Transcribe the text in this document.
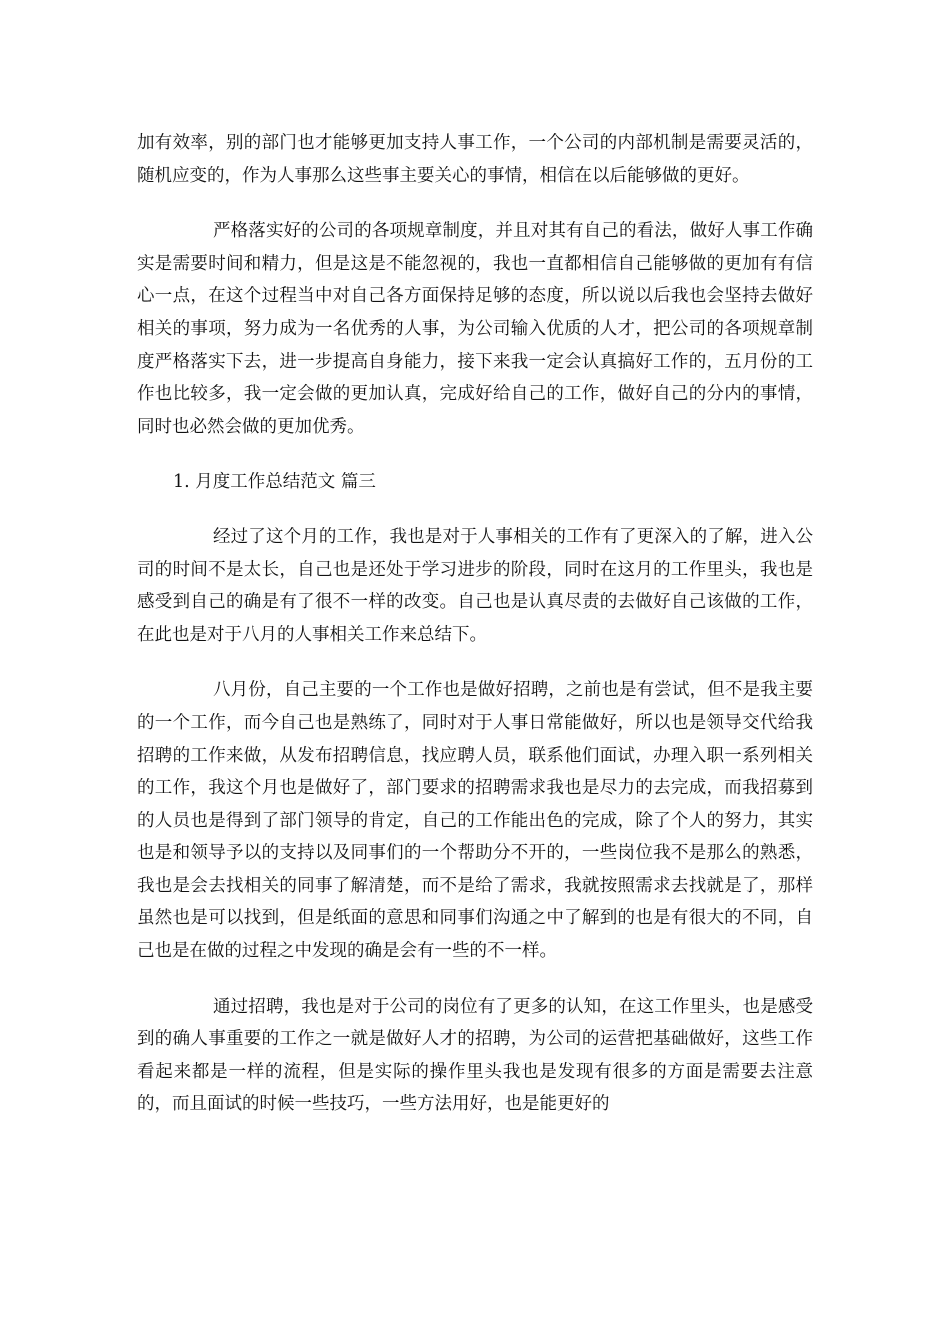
加有效率，别的部门也才能够更加支持人事工作，一个公司的内部机制是需要灵活的，随机应变的，作为人事那么这些事主要关心的事情，相信在以后能够做的更好。

严格落实好的公司的各项规章制度，并且对其有自己的看法，做好人事工作确实是需要时间和精力，但是这是不能忽视的，我也一直都相信自己能够做的更加有有信心一点，在这个过程当中对自己各方面保持足够的态度，所以说以后我也会坚持去做好相关的事项，努力成为一名优秀的人事，为公司输入优质的人才，把公司的各项规章制度严格落实下去，进一步提高自身能力，接下来我一定会认真搞好工作的，五月份的工作也比较多，我一定会做的更加认真，完成好给自己的工作，做好自己的分内的事情，同时也必然会做的更加优秀。

1. 月度工作总结范文 篇三

经过了这个月的工作，我也是对于人事相关的工作有了更深入的了解，进入公司的时间不是太长，自己也是还处于学习进步的阶段，同时在这月的工作里头，我也是感受到自己的确是有了很不一样的改变。自己也是认真尽责的去做好自己该做的工作，在此也是对于八月的人事相关工作来总结下。

八月份，自己主要的一个工作也是做好招聘，之前也是有尝试，但不是我主要的一个工作，而今自己也是熟练了，同时对于人事日常能做好，所以也是领导交代给我招聘的工作来做，从发布招聘信息，找应聘人员，联系他们面试，办理入职一系列相关的工作，我这个月也是做好了，部门要求的招聘需求我也是尽力的去完成，而我招募到的人员也是得到了部门领导的肯定，自己的工作能出色的完成，除了个人的努力，其实也是和领导予以的支持以及同事们的一个帮助分不开的，一些岗位我不是那么的熟悉，我也是会去找相关的同事了解清楚，而不是给了需求，我就按照需求去找就是了，那样虽然也是可以找到，但是纸面的意思和同事们沟通之中了解到的也是有很大的不同，自己也是在做的过程之中发现的确是会有一些的不一样。

通过招聘，我也是对于公司的岗位有了更多的认知，在这工作里头，也是感受到的确人事重要的工作之一就是做好人才的招聘，为公司的运营把基础做好，这些工作看起来都是一样的流程，但是实际的操作里头我也是发现有很多的方面是需要去注意的，而且面试的时候一些技巧，一些方法用好，也是能更好的
